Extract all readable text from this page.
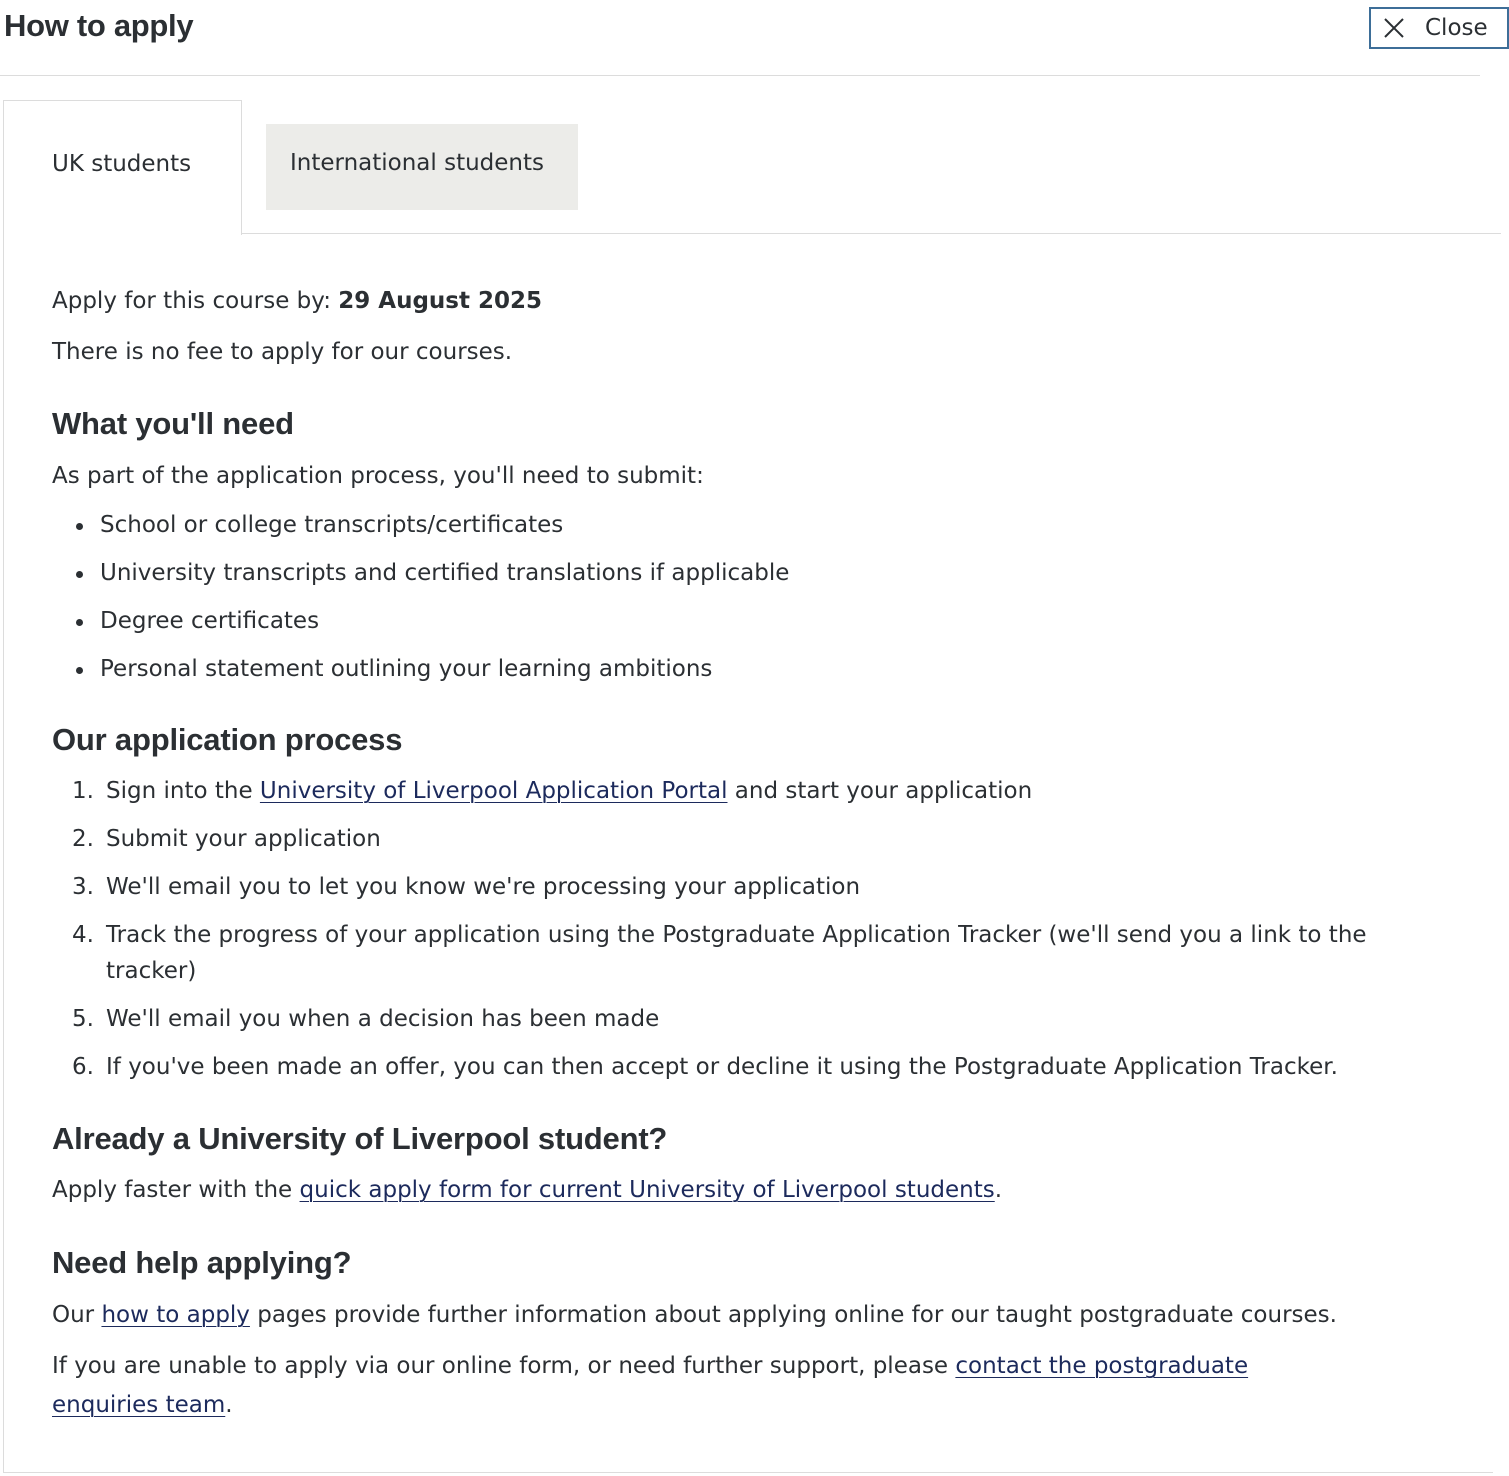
How to apply	Close
UK students	International students

Apply for this course by: 29 August 2025

There is no fee to apply for our courses.

What you'll need

As part of the application process, you'll need to submit:

School or college transcripts/certificates
University transcripts and certified translations if applicable
Degree certificates
Personal statement outlining your learning ambitions
Our application process
1. Sign into the University of Liverpool Application Portal and start your application
2. Submit your application
3. We'll email you to let you know we're processing your application
4. Track the progress of your application using the Postgraduate Application Tracker (we'll send you a link to the tracker)
5. We'll email you when a decision has been made
6. If you've been made an offer, you can then accept or decline it using the Postgraduate Application Tracker.
Already a University of Liverpool student?

Apply faster with the quick apply form for current University of Liverpool students.

Need help applying?

Our how to apply pages provide further information about applying online for our taught postgraduate courses.

If you are unable to apply via our online form, or need further support, please contact the postgraduate

enquiries team.
